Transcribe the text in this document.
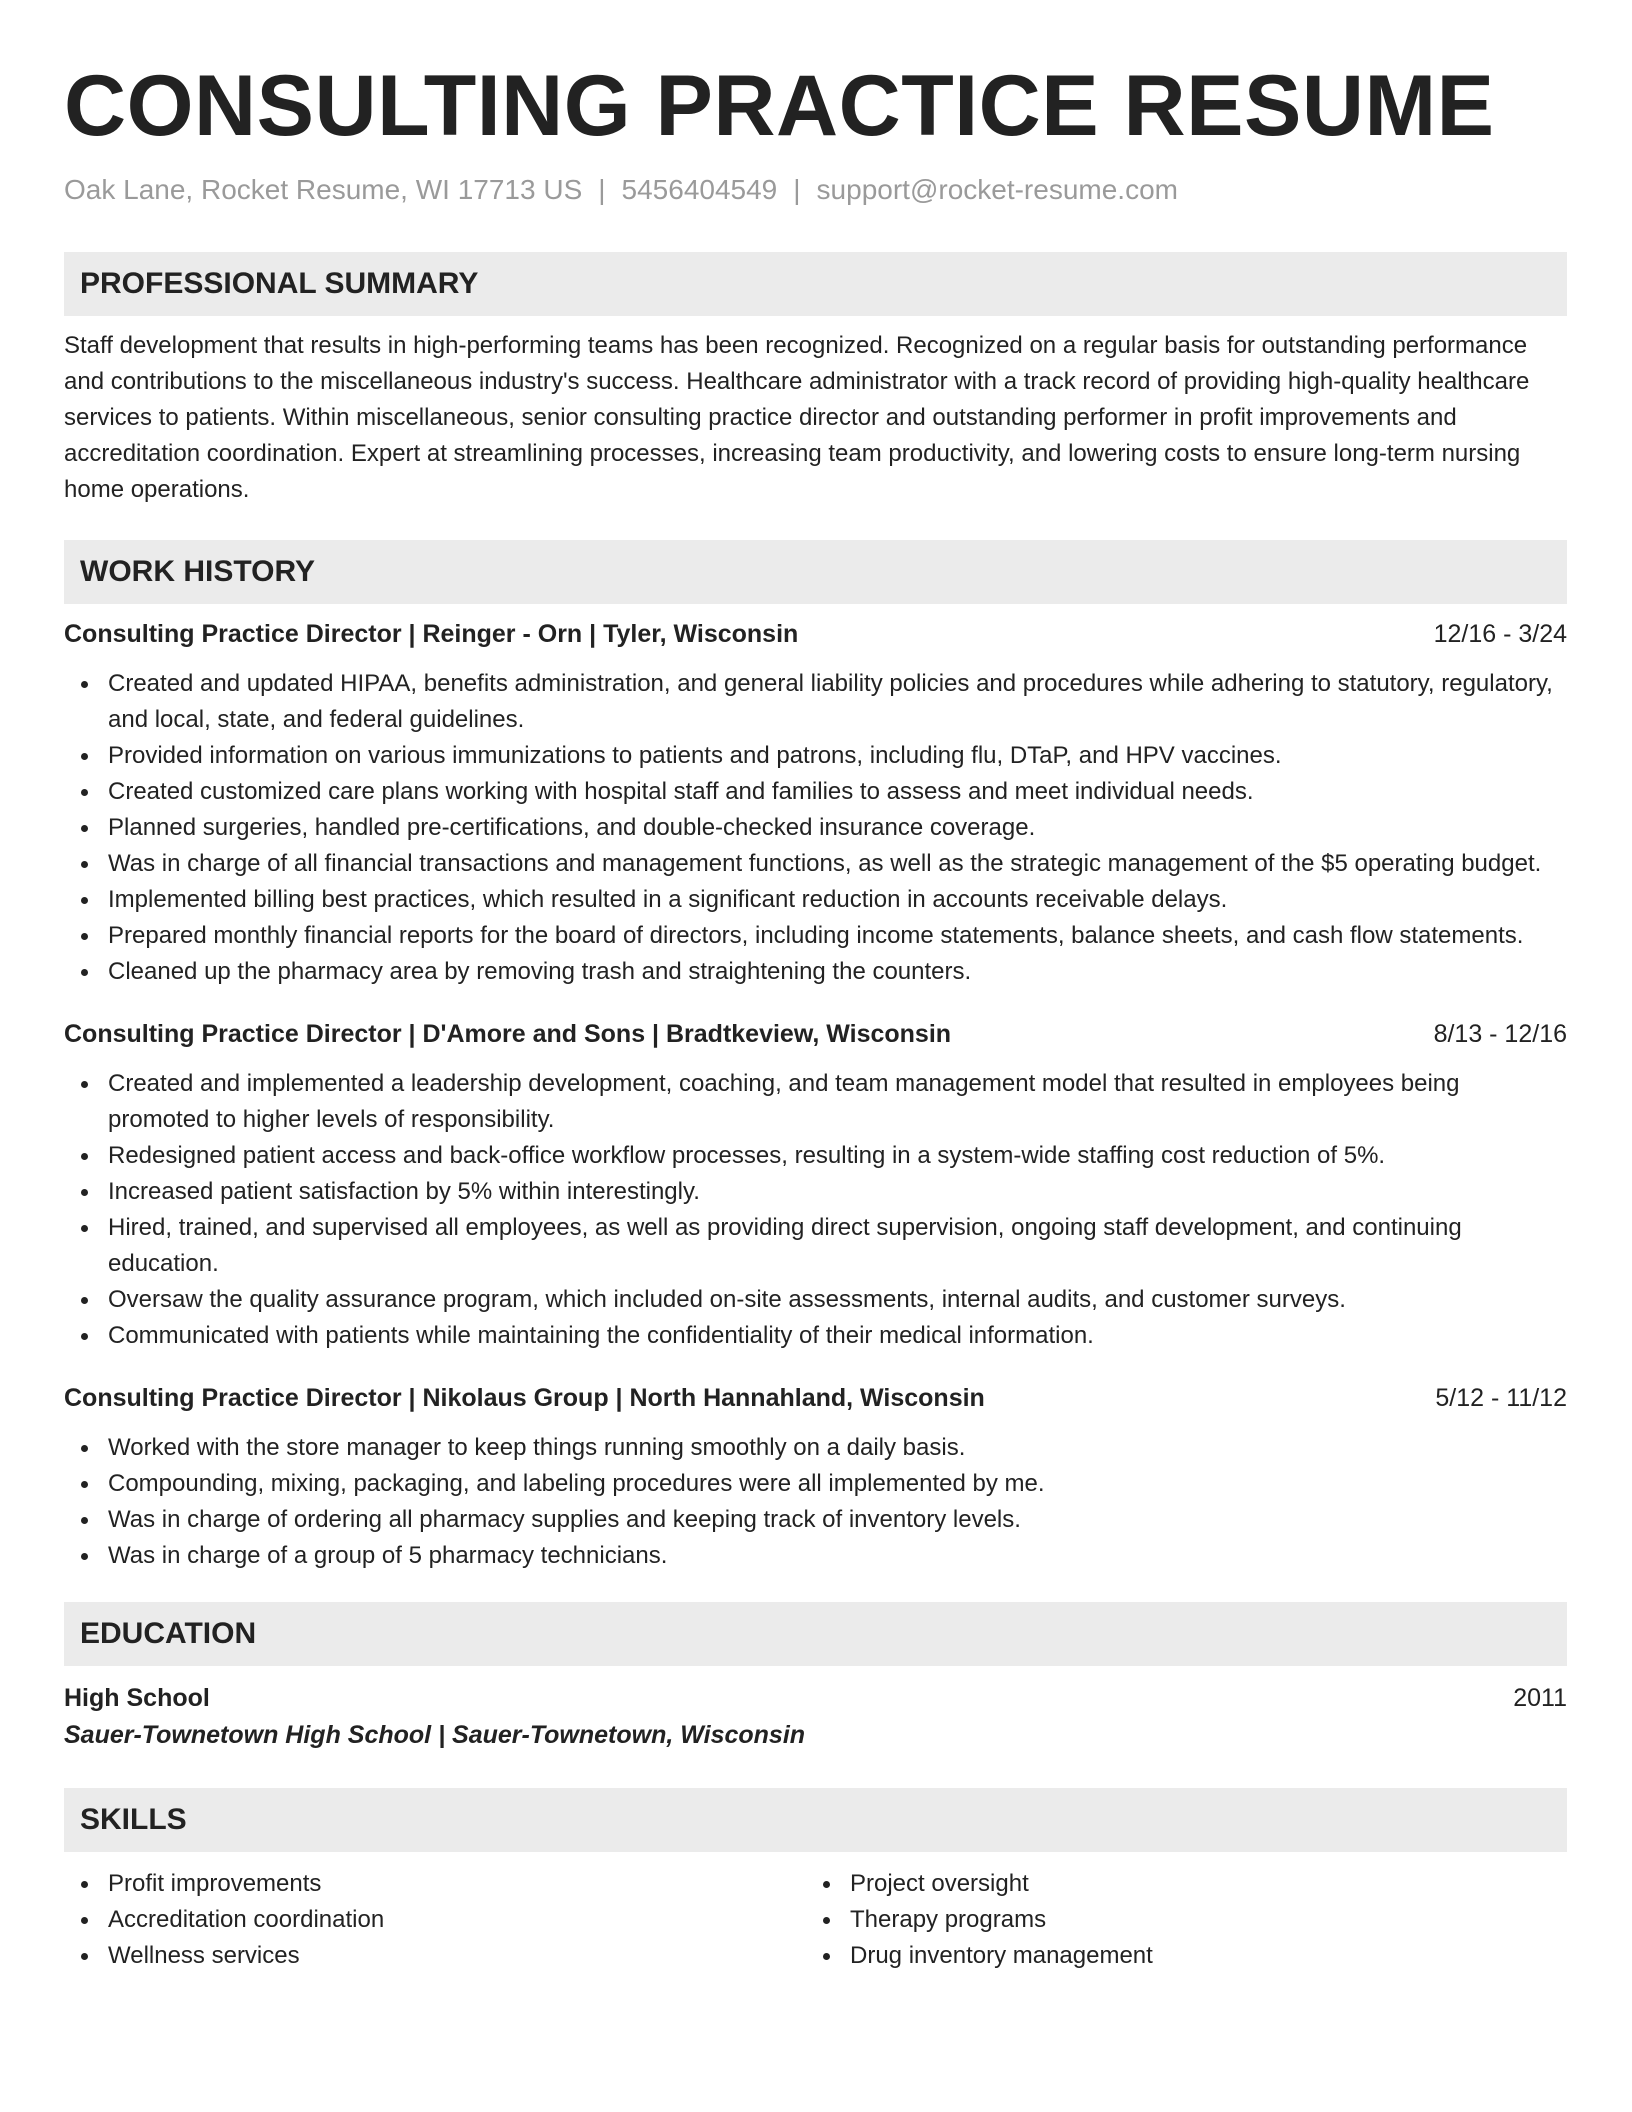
CONSULTING PRACTICE RESUME
Oak Lane, Rocket Resume, WI 17713 US | 5456404549 | support@rocket-resume.com
PROFESSIONAL SUMMARY

Staff development that results in high-performing teams has been recognized. Recognized on a regular basis for outstanding performance and contributions to the miscellaneous industry's success. Healthcare administrator with a track record of providing high-quality healthcare services to patients. Within miscellaneous, senior consulting practice director and outstanding performer in profit improvements and accreditation coordination. Expert at streamlining processes, increasing team productivity, and lowering costs to ensure long-term nursing home operations.

WORK HISTORY
Consulting Practice Director | Reinger - Orn | Tyler, Wisconsin	12/16 - 3/24
Created and updated HIPAA, benefits administration, and general liability policies and procedures while adhering to statutory, regulatory, and local, state, and federal guidelines.
Provided information on various immunizations to patients and patrons, including flu, DTaP, and HPV vaccines.
Created customized care plans working with hospital staff and families to assess and meet individual needs.
Planned surgeries, handled pre-certifications, and double-checked insurance coverage.
Was in charge of all financial transactions and management functions, as well as the strategic management of the $5 operating budget.
Implemented billing best practices, which resulted in a significant reduction in accounts receivable delays.
Prepared monthly financial reports for the board of directors, including income statements, balance sheets, and cash flow statements.
Cleaned up the pharmacy area by removing trash and straightening the counters.
Consulting Practice Director | D'Amore and Sons | Bradtkeview, Wisconsin	8/13 - 12/16
Created and implemented a leadership development, coaching, and team management model that resulted in employees being promoted to higher levels of responsibility.
Redesigned patient access and back-office workflow processes, resulting in a system-wide staffing cost reduction of 5%.
Increased patient satisfaction by 5% within interestingly.
Hired, trained, and supervised all employees, as well as providing direct supervision, ongoing staff development, and continuing education.
Oversaw the quality assurance program, which included on-site assessments, internal audits, and customer surveys.
Communicated with patients while maintaining the confidentiality of their medical information.
Consulting Practice Director | Nikolaus Group | North Hannahland, Wisconsin	5/12 - 11/12
Worked with the store manager to keep things running smoothly on a daily basis.
Compounding, mixing, packaging, and labeling procedures were all implemented by me.
Was in charge of ordering all pharmacy supplies and keeping track of inventory levels.
Was in charge of a group of 5 pharmacy technicians.
EDUCATION
High School	2011
Sauer-Townetown High School | Sauer-Townetown, Wisconsin
SKILLS
Profit improvements
Accreditation coordination
Wellness services
Project oversight
Therapy programs
Drug inventory management
